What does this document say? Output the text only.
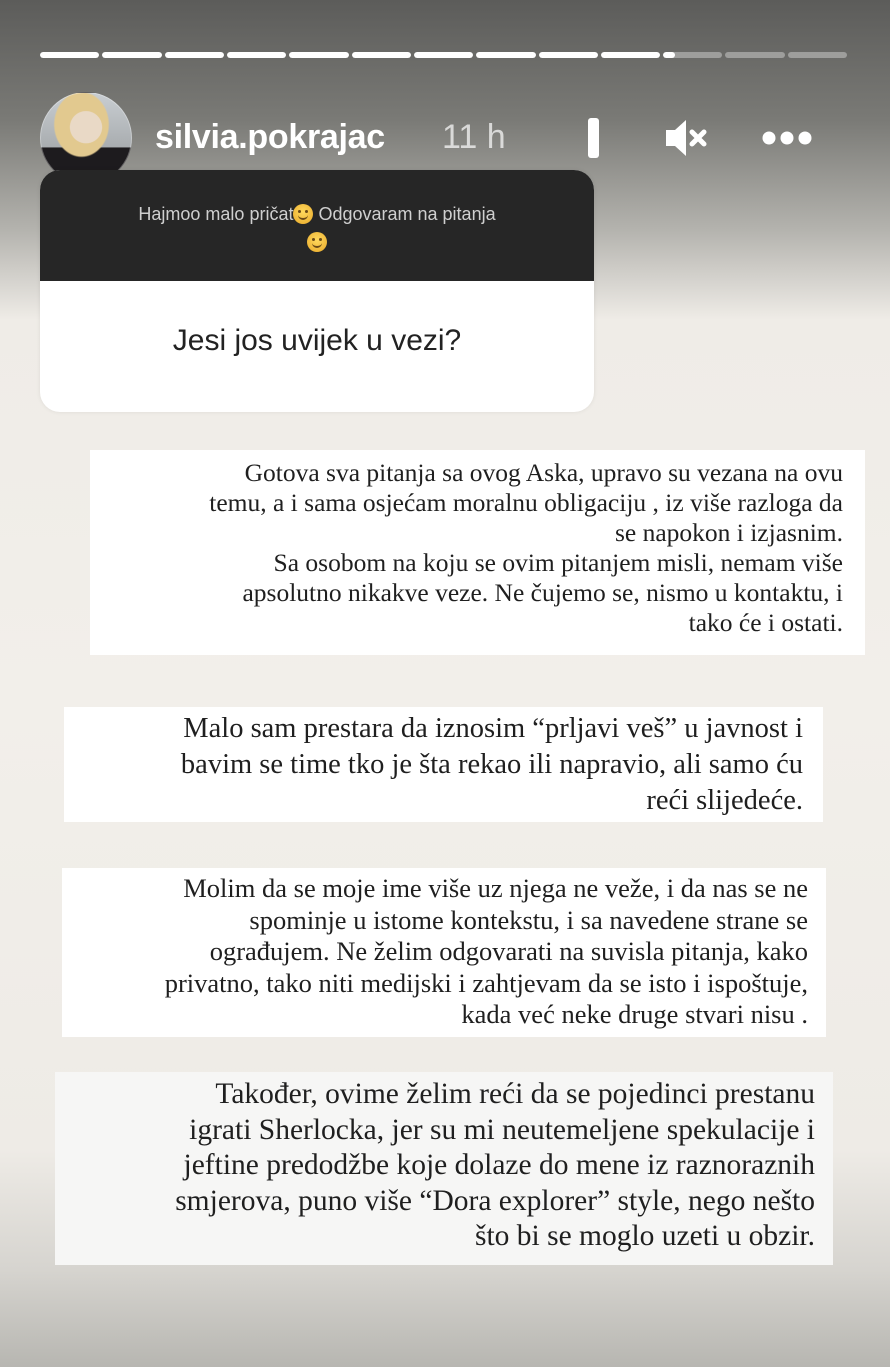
silvia.pokrajac 11 h
Hajmoo malo pričat Odgovaram na pitanja

Jesi jos uvijek u vezi?

Gotova sva pitanja sa ovog Aska, upravo su vezana na ovu

temu, a i sama osjećam moralnu obligaciju , iz više razloga da

se napokon i izjasnim.

Sa osobom na koju se ovim pitanjem misli, nemam više

apsolutno nikakve veze. Ne čujemo se, nismo u kontaktu, i

tako će i ostati.

Malo sam prestara da iznosim “prljavi veš” u javnost i

bavim se time tko je šta rekao ili napravio, ali samo ću

reći slijedeće.

Molim da se moje ime više uz njega ne veže, i da nas se ne

spominje u istome kontekstu, i sa navedene strane se

ograđujem. Ne želim odgovarati na suvisla pitanja, kako

privatno, tako niti medijski i zahtjevam da se isto i ispoštuje,

kada već neke druge stvari nisu .

Također, ovime želim reći da se pojedinci prestanu

igrati Sherlocka, jer su mi neutemeljene spekulacije i

jeftine predodžbe koje dolaze do mene iz raznoraznih

smjerova, puno više “Dora explorer” style, nego nešto

što bi se moglo uzeti u obzir.
